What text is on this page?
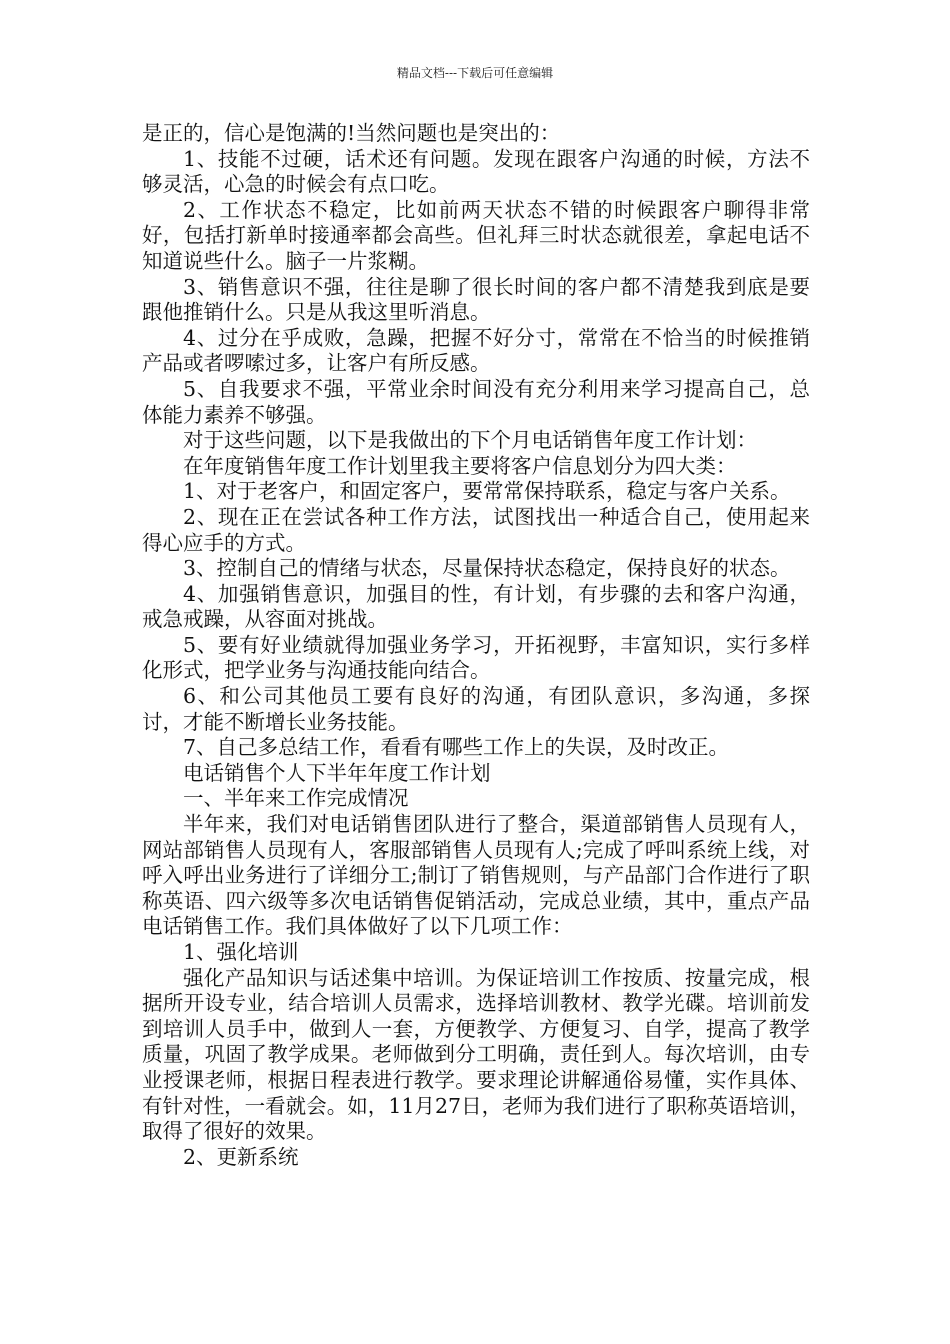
精品文档---下载后可任意编辑

是正的，信心是饱满的!当然问题也是突出的：

1、技能不过硬，话术还有问题。发现在跟客户沟通的时候，方法不够灵活，心急的时候会有点口吃。

2、工作状态不稳定，比如前两天状态不错的时候跟客户聊得非常好，包括打新单时接通率都会高些。但礼拜三时状态就很差，拿起电话不知道说些什么。脑子一片浆糊。

3、销售意识不强，往往是聊了很长时间的客户都不清楚我到底是要跟他推销什么。只是从我这里听消息。

4、过分在乎成败，急躁，把握不好分寸，常常在不恰当的时候推销产品或者啰嗦过多，让客户有所反感。

5、自我要求不强，平常业余时间没有充分利用来学习提高自己，总体能力素养不够强。

对于这些问题，以下是我做出的下个月电话销售年度工作计划：

在年度销售年度工作计划里我主要将客户信息划分为四大类：

1、对于老客户，和固定客户，要常常保持联系，稳定与客户关系。

2、现在正在尝试各种工作方法，试图找出一种适合自己，使用起来得心应手的方式。

3、控制自己的情绪与状态，尽量保持状态稳定，保持良好的状态。

4、加强销售意识，加强目的性，有计划，有步骤的去和客户沟通，戒急戒躁，从容面对挑战。

5、要有好业绩就得加强业务学习，开拓视野，丰富知识，实行多样化形式，把学业务与沟通技能向结合。

6、和公司其他员工要有良好的沟通，有团队意识，多沟通，多探讨，才能不断增长业务技能。

7、自己多总结工作，看看有哪些工作上的失误，及时改正。

电话销售个人下半年年度工作计划

一、半年来工作完成情况

半年来，我们对电话销售团队进行了整合，渠道部销售人员现有人，网站部销售人员现有人，客服部销售人员现有人;完成了呼叫系统上线，对呼入呼出业务进行了详细分工;制订了销售规则，与产品部门合作进行了职称英语、四六级等多次电话销售促销活动，完成总业绩，其中，重点产品电话销售工作。我们具体做好了以下几项工作：

1、强化培训

强化产品知识与话述集中培训。为保证培训工作按质、按量完成，根据所开设专业，结合培训人员需求，选择培训教材、教学光碟。培训前发到培训人员手中，做到人一套，方便教学、方便复习、自学，提高了教学质量，巩固了教学成果。老师做到分工明确，责任到人。每次培训，由专业授课老师，根据日程表进行教学。要求理论讲解通俗易懂，实作具体、有针对性，一看就会。如，11月27日，老师为我们进行了职称英语培训，取得了很好的效果。

2、更新系统
